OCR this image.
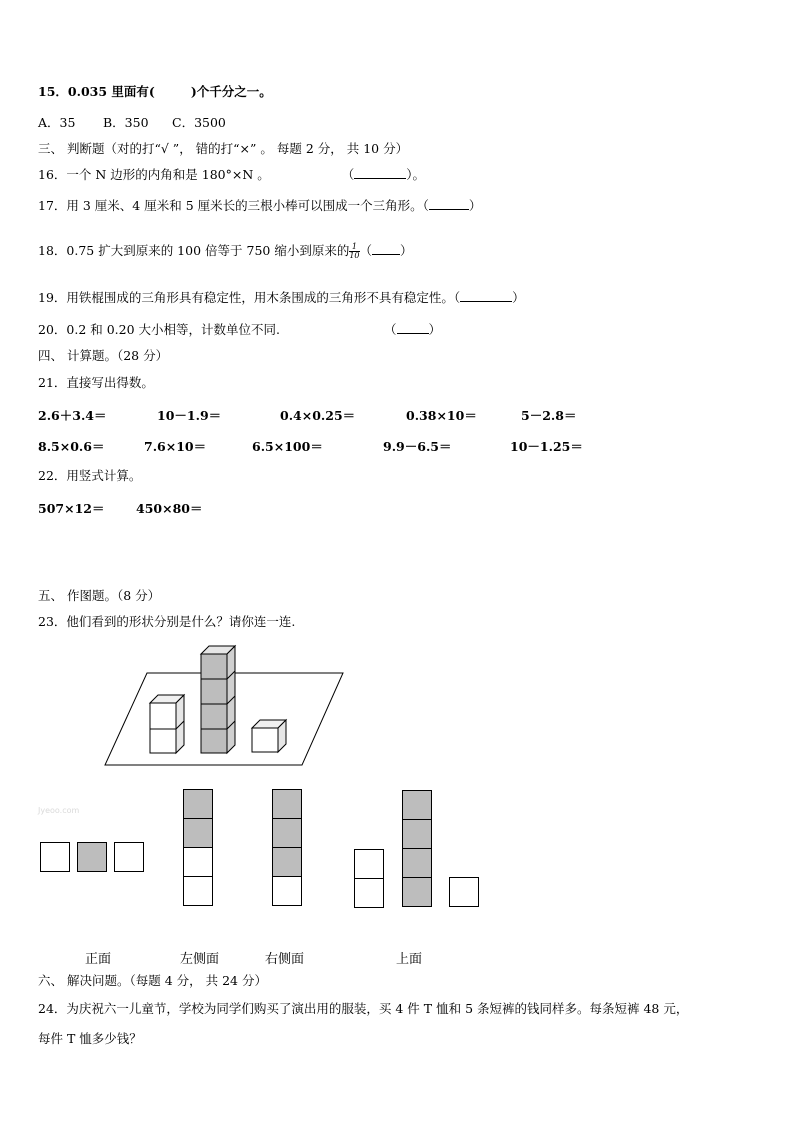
15．0.035 里面有(	)个千分之一。
A．35 B．350 C．3500
三、 判断题（对的打“√ ”， 错的打“×” 。 每题 2 分， 共 10 分）
16．一个 N 边形的内角和是 180°×N 。	（	）。
17．用 3 厘米、4 厘米和 5 厘米长的三根小棒可以围成一个三角形。（	）
18．0.75 扩大到原来的 100 倍等于 750 缩小到原来的 $\frac{1}{10}$ （ ）
19．用铁棍围成的三角形具有稳定性，用木条围成的三角形不具有稳定性。（	）
20．0.2 和 0.20 大小相等，计数单位不同.	（	）
四、 计算题。（28 分）
21．直接写出得数。
2.6＋3.4＝	10－1.9＝	0.4×0.25＝	0.38×10＝	5－2.8＝
8.5×0.6＝	7.6×10＝	6.5×100＝	9.9－6.5＝	10－1.25＝
22．用竖式计算。
507×12＝	450×80＝
五、 作图题。（8 分）
23．他们看到的形状分别是什么？请你连一连.
Jyeoo.com
正面	左侧面	右侧面	上面
六、 解决问题。（每题 4 分， 共 24 分）
24．为庆祝六一儿童节，学校为同学们购买了演出用的服装，买 4 件 T 恤和 5 条短裤的钱同样多。每条短裤 48 元，
每件 T 恤多少钱？
